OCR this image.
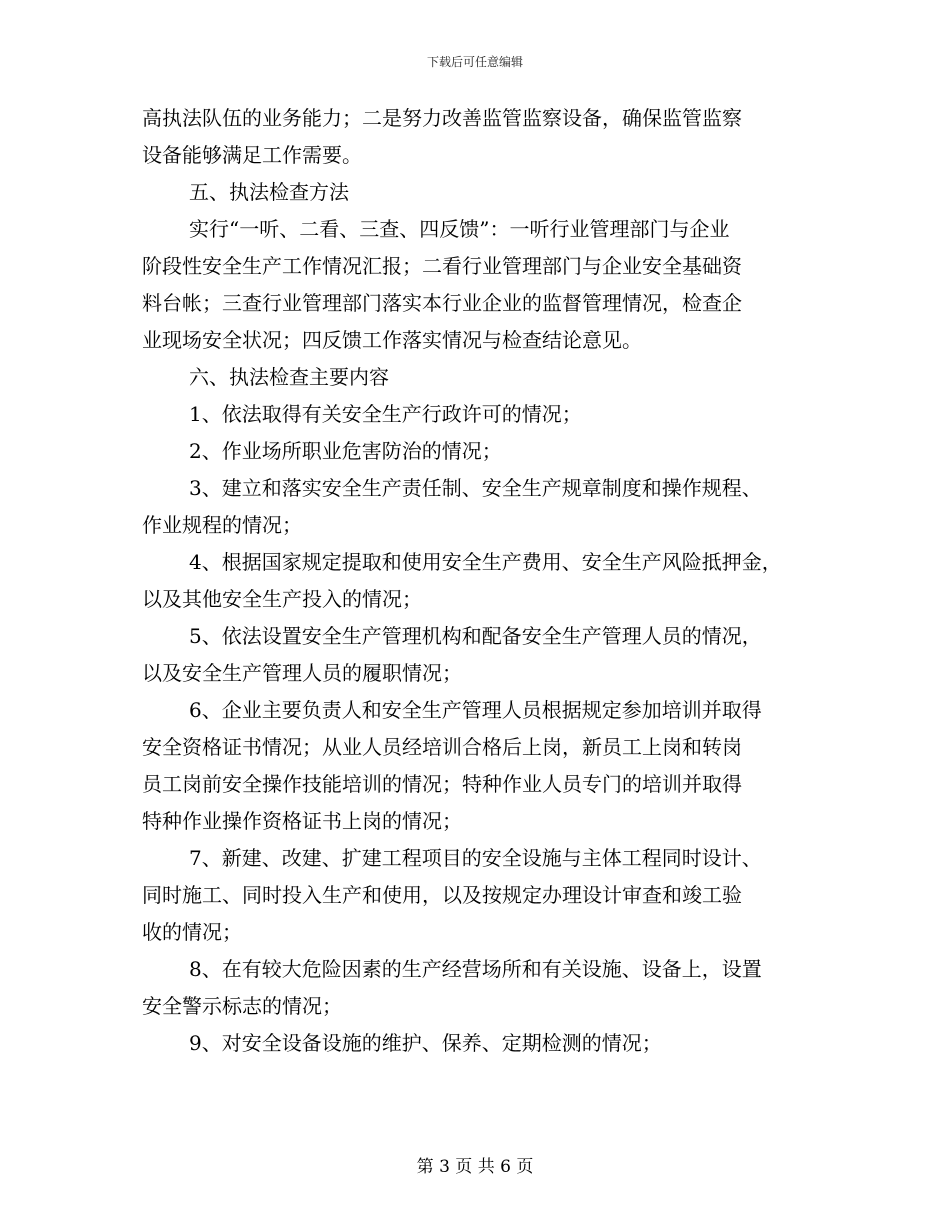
下载后可任意编辑
高执法队伍的业务能力；二是努力改善监管监察设备，确保监管监察
设备能够满足工作需要。
五、执法检查方法
实行“一听、二看、三查、四反馈”：一听行业管理部门与企业
阶段性安全生产工作情况汇报；二看行业管理部门与企业安全基础资
料台帐；三查行业管理部门落实本行业企业的监督管理情况，检查企
业现场安全状况；四反馈工作落实情况与检查结论意见。
六、执法检查主要内容
1、依法取得有关安全生产行政许可的情况；
2、作业场所职业危害防治的情况；
3、建立和落实安全生产责任制、安全生产规章制度和操作规程、
作业规程的情况；
4、根据国家规定提取和使用安全生产费用、安全生产风险抵押金，
以及其他安全生产投入的情况；
5、依法设置安全生产管理机构和配备安全生产管理人员的情况，
以及安全生产管理人员的履职情况；
6、企业主要负责人和安全生产管理人员根据规定参加培训并取得
安全资格证书情况；从业人员经培训合格后上岗，新员工上岗和转岗
员工岗前安全操作技能培训的情况；特种作业人员专门的培训并取得
特种作业操作资格证书上岗的情况；
7、新建、改建、扩建工程项目的安全设施与主体工程同时设计、
同时施工、同时投入生产和使用，以及按规定办理设计审查和竣工验
收的情况；
8、在有较大危险因素的生产经营场所和有关设施、设备上，设置
安全警示标志的情况；
9、对安全设备设施的维护、保养、定期检测的情况；
第 3 页 共 6 页
